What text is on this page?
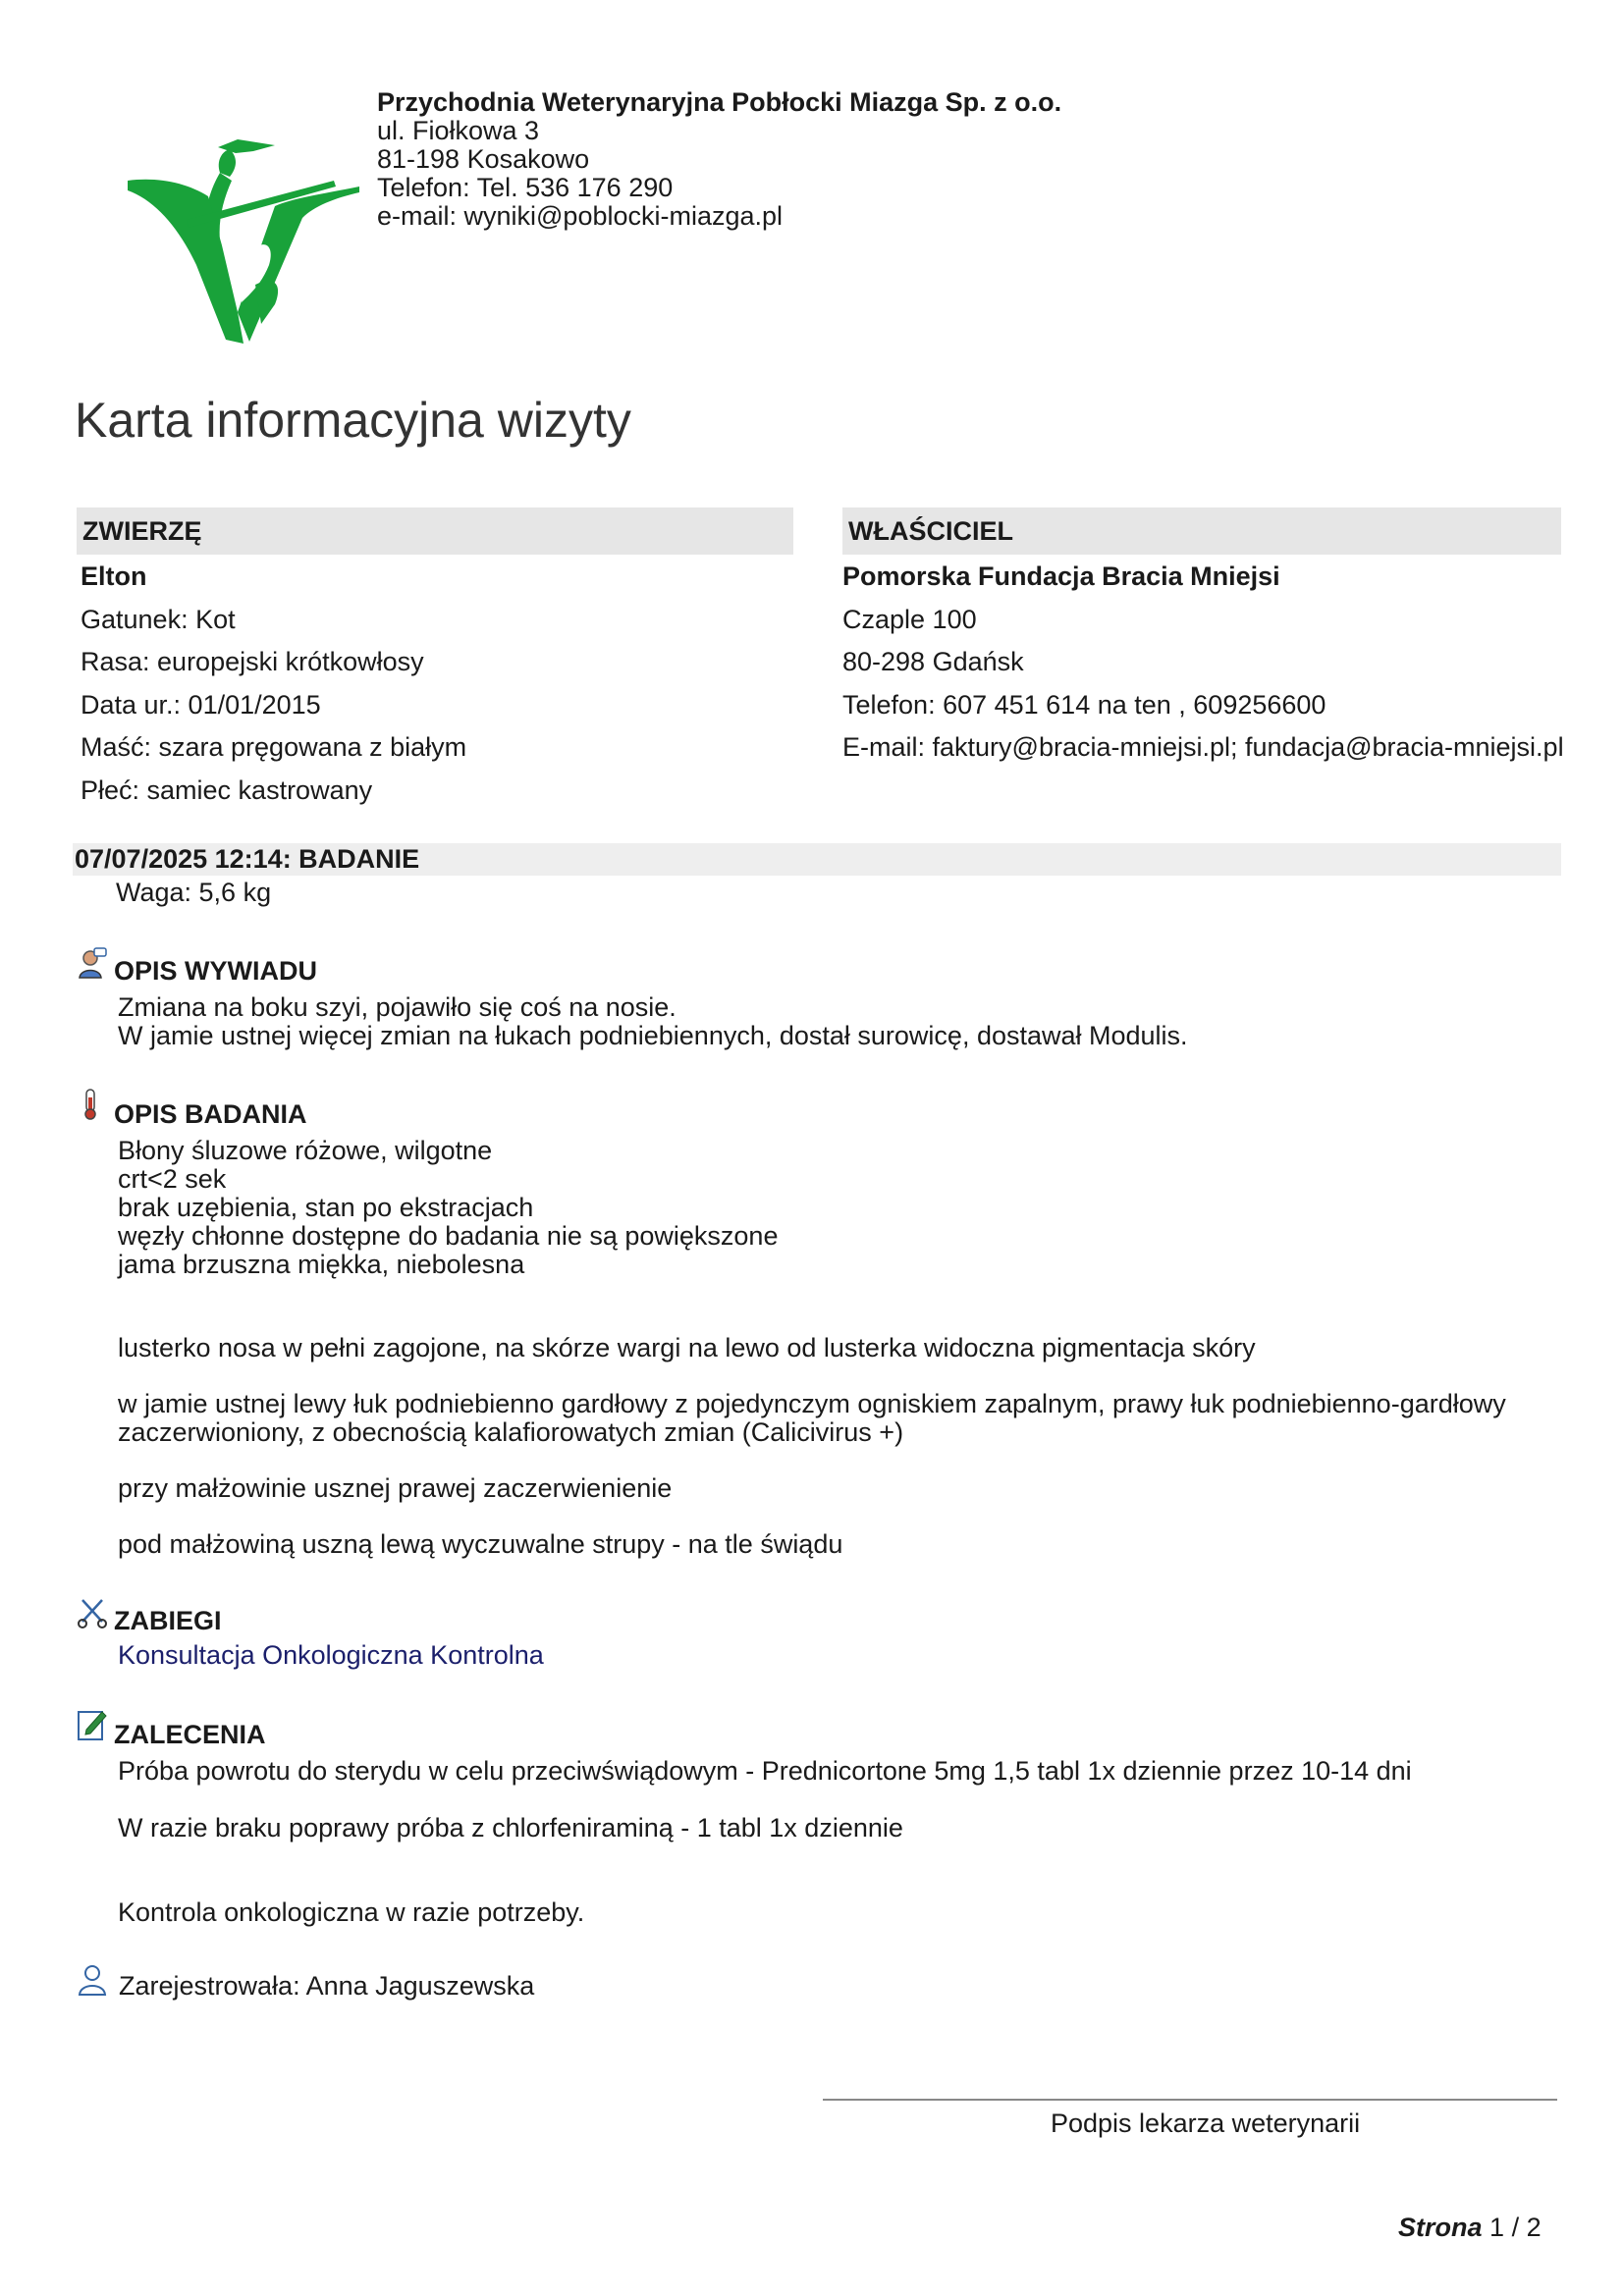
Przychodnia Weterynaryjna Pobłocki Miazga Sp. z o.o.
ul. Fiołkowa 3
81-198 Kosakowo
Telefon: Tel. 536 176 290
e-mail: wyniki@poblocki-miazga.pl
Karta informacyjna wizyty
ZWIERZĘ
Elton
Gatunek: Kot
Rasa: europejski krótkowłosy
Data ur.: 01/01/2015
Maść: szara pręgowana z białym
Płeć: samiec kastrowany
WŁAŚCICIEL
Pomorska Fundacja Bracia Mniejsi
Czaple 100
80-298 Gdańsk
Telefon: 607 451 614 na ten , 609256600
E-mail: faktury@bracia-mniejsi.pl; fundacja@bracia-mniejsi.pl
07/07/2025 12:14: BADANIE
Waga: 5,6 kg
OPIS WYWIADU
Zmiana na boku szyi, pojawiło się coś na nosie.
W jamie ustnej więcej zmian na łukach podniebiennych, dostał surowicę, dostawał Modulis.
OPIS BADANIA
Błony śluzowe różowe, wilgotne
crt<2 sek
brak uzębienia, stan po ekstracjach
węzły chłonne dostępne do badania nie są powiększone
jama brzuszna miękka, niebolesna
lusterko nosa w pełni zagojone, na skórze wargi na lewo od lusterka widoczna pigmentacja skóry
w jamie ustnej lewy łuk podniebienno gardłowy z pojedynczym ogniskiem zapalnym, prawy łuk podniebienno-gardłowy
zaczerwioniony, z obecnością kalafiorowatych zmian (Calicivirus +)
przy małżowinie usznej prawej zaczerwienienie
pod małżowiną uszną lewą wyczuwalne strupy - na tle świądu
ZABIEGI
Konsultacja Onkologiczna Kontrolna
ZALECENIA
Próba powrotu do sterydu w celu przeciwświądowym - Prednicortone 5mg 1,5 tabl 1x dziennie przez 10-14 dni
W razie braku poprawy próba z chlorfeniraminą - 1 tabl 1x dziennie
Kontrola onkologiczna w razie potrzeby.
Zarejestrowała: Anna Jaguszewska
Podpis lekarza weterynarii
Strona 1 / 2
